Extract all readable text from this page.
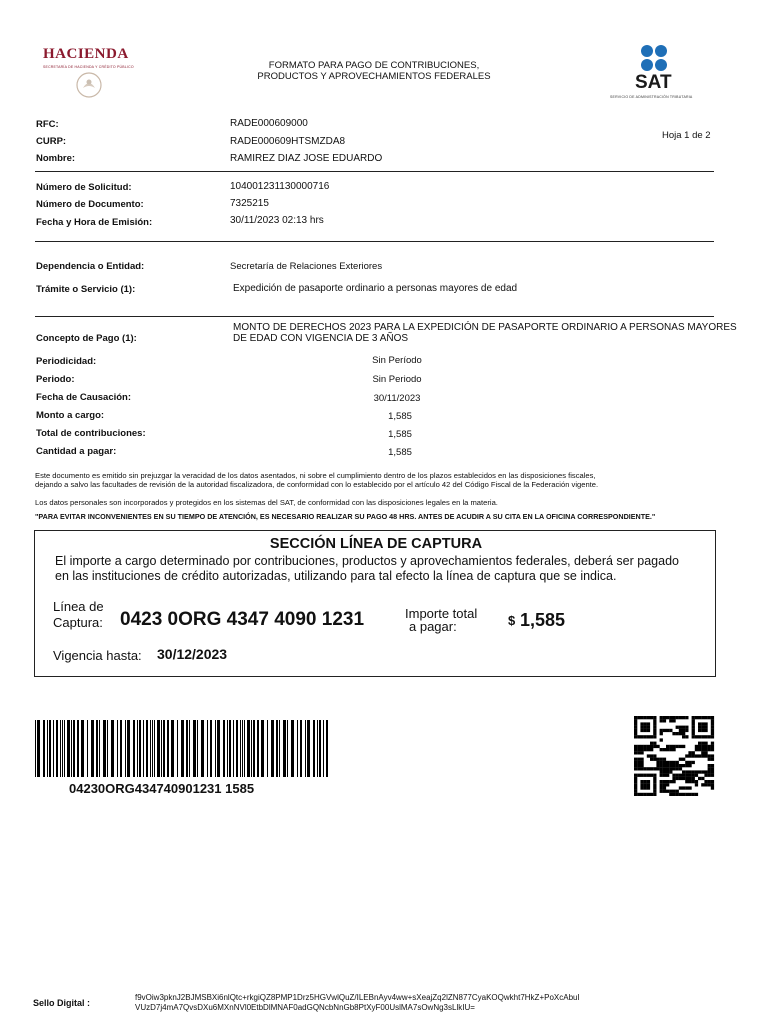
HACIENDA
SECRETARÍA DE HACIENDA Y CRÉDITO PÚBLICO	FORMATO PARA PAGO DE CONTRIBUCIONES,
PRODUCTOS Y APROVECHAMIENTOS FEDERALES	SAT
SERVICIO DE ADMINISTRACIÓN TRIBUTARIA
RFC:	RADE000609000
CURP:	RADE000609HTSMZDA8
Hoja 1 de 2
Nombre:	RAMIREZ DIAZ JOSE EDUARDO
Número de Solicitud:	104001231130000716
Número de Documento:	7325215
Fecha y Hora de Emisión:	30/11/2023 02:13 hrs
Dependencia o Entidad:	Secretaría de Relaciones Exteriores
Trámite o Servicio (1):	Expedición de pasaporte ordinario a personas mayores de edad
Concepto de Pago (1):
MONTO DE DERECHOS 2023 PARA LA EXPEDICIÓN DE PASAPORTE ORDINARIO A PERSONAS MAYORES
DE EDAD CON VIGENCIA DE 3 AÑOS
Periodicidad:	Sin Período
Periodo:	Sin Periodo
Fecha de Causación:	30/11/2023
Monto a cargo:	1,585
Total de contribuciones:	1,585
Cantidad a pagar:	1,585
Este documento es emitido sin prejuzgar la veracidad de los datos asentados, ni sobre el cumplimiento dentro de los plazos establecidos en las disposiciones fiscales,
dejando a salvo las facultades de revisión de la autoridad fiscalizadora, de conformidad con lo establecido por el artículo 42 del Código Fiscal de la Federación vigente.
Los datos personales son incorporados y protegidos en los sistemas del SAT, de conformidad con las disposiciones legales en la materia.
"PARA EVITAR INCONVENIENTES EN SU TIEMPO DE ATENCIÓN, ES NECESARIO REALIZAR SU PAGO 48 HRS. ANTES DE ACUDIR A SU CITA EN LA OFICINA CORRESPONDIENTE."
SECCIÓN LÍNEA DE CAPTURA
El importe a cargo determinado por contribuciones, productos y aprovechamientos federales, deberá ser pagado
en las instituciones de crédito autorizadas, utilizando para tal efecto la línea de captura que se indica.
Línea de
Captura: 0423 0ORG 4347 4090 1231	Importe total
a pagar:	$ 1,585
Vigencia hasta: 30/12/2023
04230ORG434740901231 1585
Sello Digital :
f9vOiw3pknJ2BJMSBXi6nlQtc+rkgiQZ8PMP1Drz5HGVwlQuZ/ILEBnAyv4ww+sXeajZq2lZN877CyaKOQwkht7HkZ+PoXcAbuI
VUzD7j4mA7QvsDXu6MXnNVl0EtbDlMNAF0adGQNcbNnGb8PtXyF00UslMA7sOwNg3sLlkIU=
